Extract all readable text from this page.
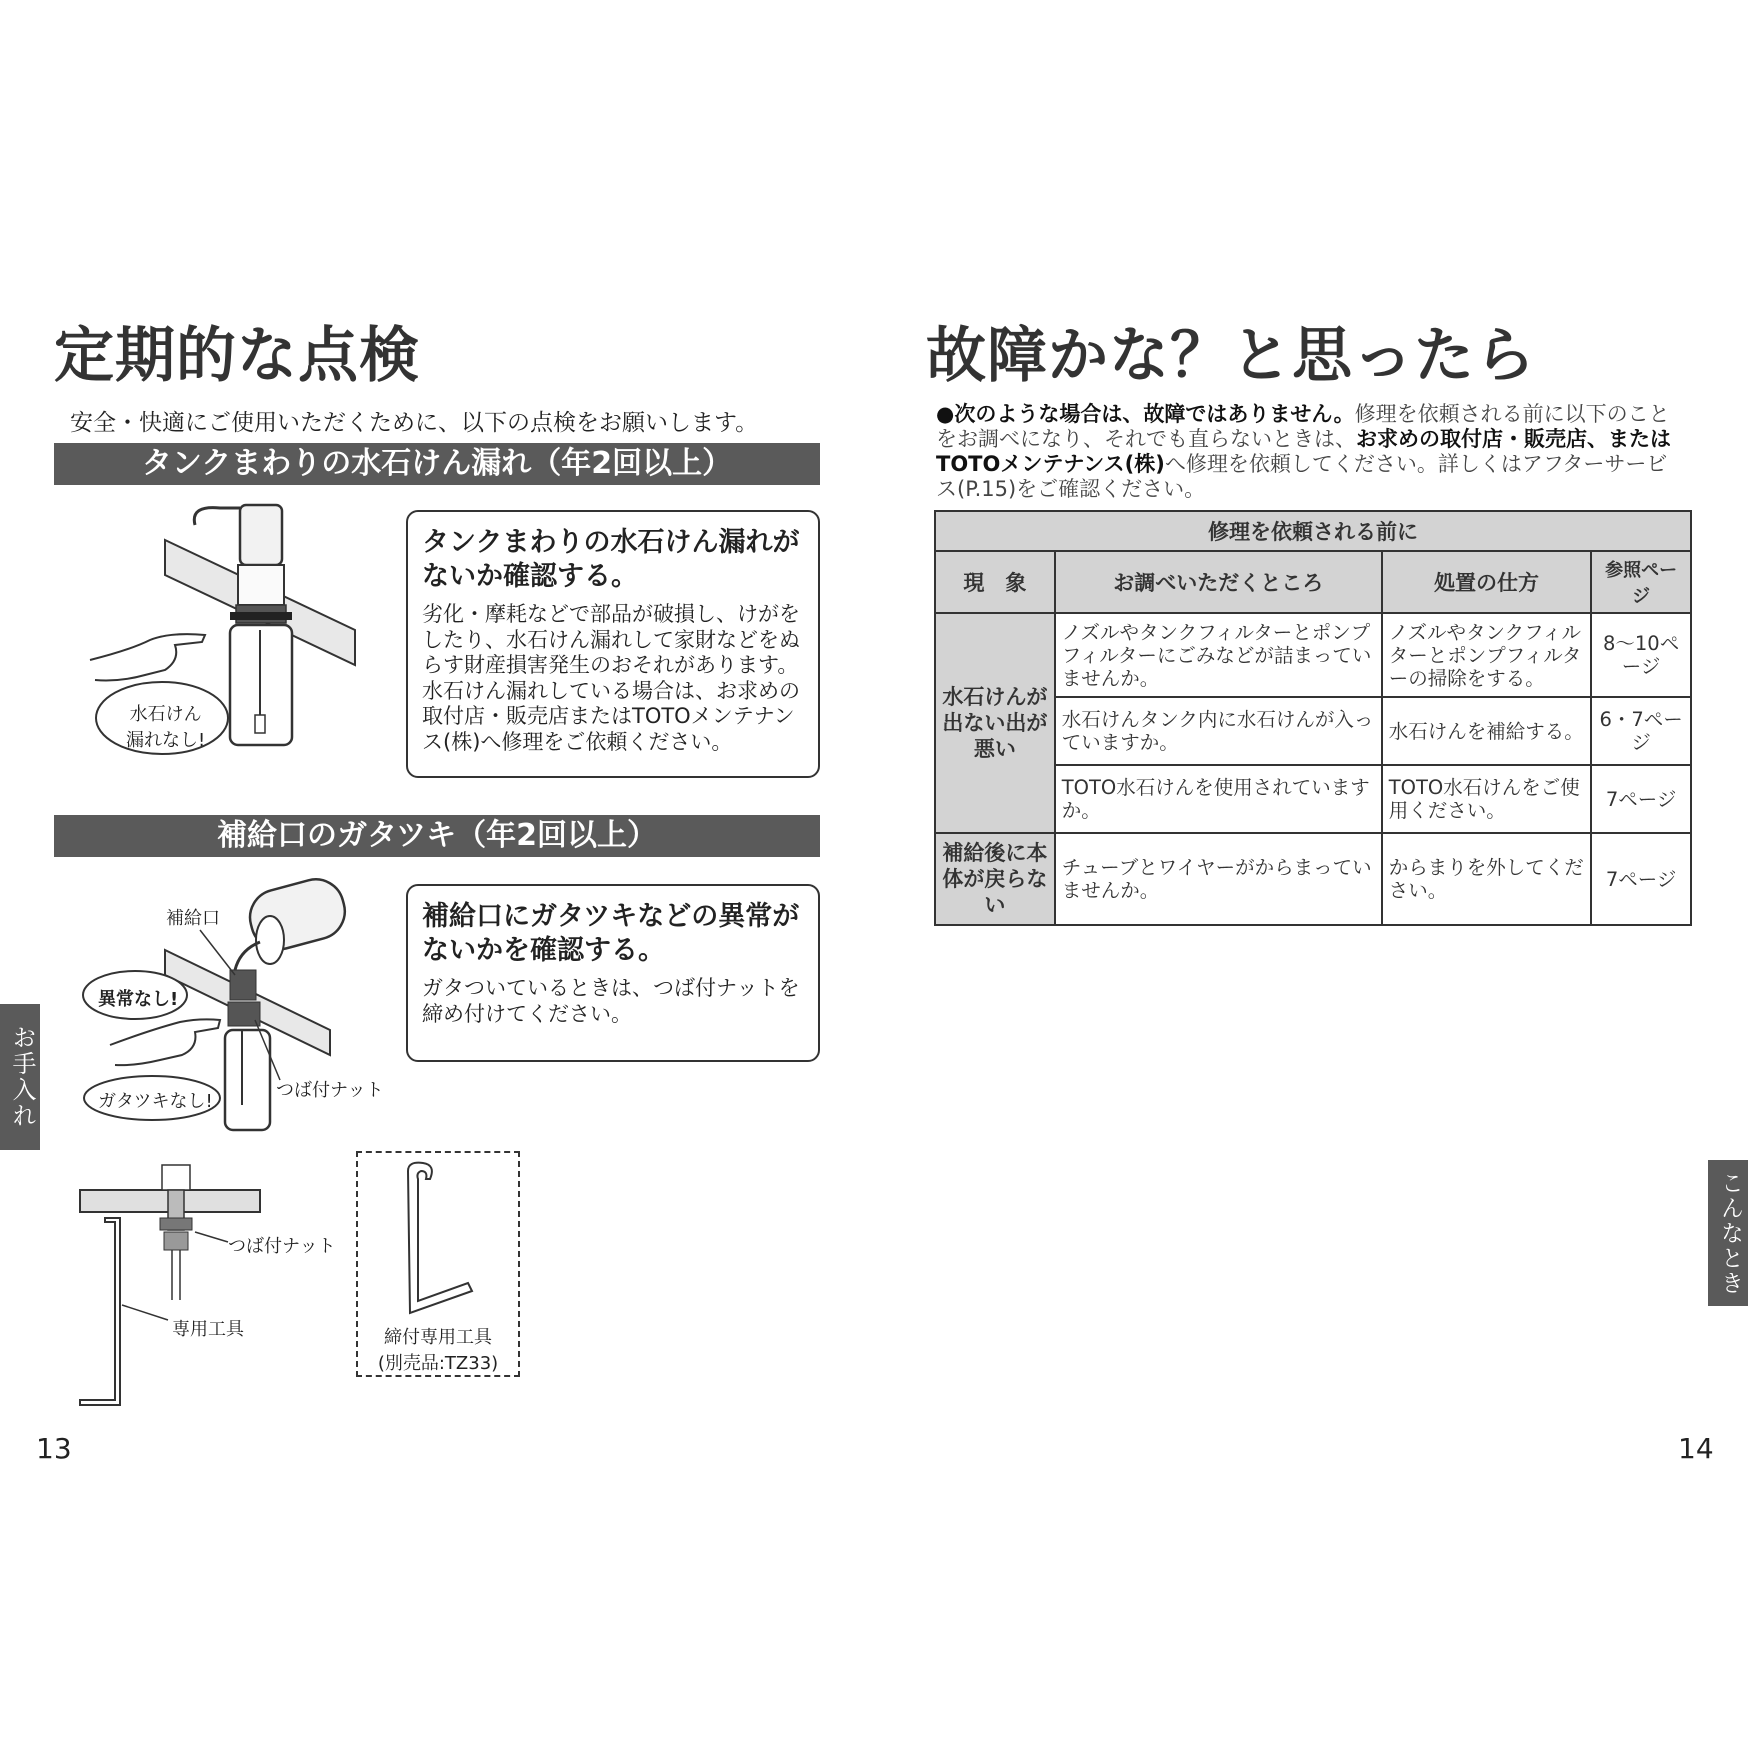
定期的な点検
安全・快適にご使用いただくために、以下の点検をお願いします。
タンクまわりの水石けん漏れ（年2回以上）
水石けん
漏れなし!
タンクまわりの水石けん漏れがないか確認する。
劣化・摩耗などで部品が破損し、けがをしたり、水石けん漏れして家財などをぬらす財産損害発生のおそれがあります。水石けん漏れしている場合は、お求めの取付店・販売店またはTOTOメンテナンス(株)へ修理をご依頼ください。
補給口のガタツキ（年2回以上）
補給口
異常なし!
ガタツキなし!
つば付ナット
補給口にガタツキなどの異常がないかを確認する。
ガタついているときは、つば付ナットを締め付けてください。
つば付ナット
専用工具	締付専用工具
(別売品:TZ33)
お手入れ
13
故障かな？と思ったら
●次のような場合は、故障ではありません。修理を依頼される前に以下のことをお調べになり、それでも直らないときは、お求めの取付店・販売店、またはTOTOメンテナンス(株)へ修理を依頼してください。詳しくはアフターサービス(P.15)をご確認ください。
修理を依頼される前に			
現　象	お調べいただくところ	処置の仕方	参照ページ
水石けんが出ない出が悪い	ノズルやタンクフィルターとポンプフィルターにごみなどが詰まっていませんか。	ノズルやタンクフィルターとポンプフィルターの掃除をする。	8〜10ページ
	水石けんタンク内に水石けんが入っていますか。	水石けんを補給する。	6・7ページ
	TOTO水石けんを使用されていますか。	TOTO水石けんをご使用ください。	7ページ
補給後に本体が戻らない	チューブとワイヤーがからまっていませんか。	からまりを外してください。	7ページ
こんなときは
14
